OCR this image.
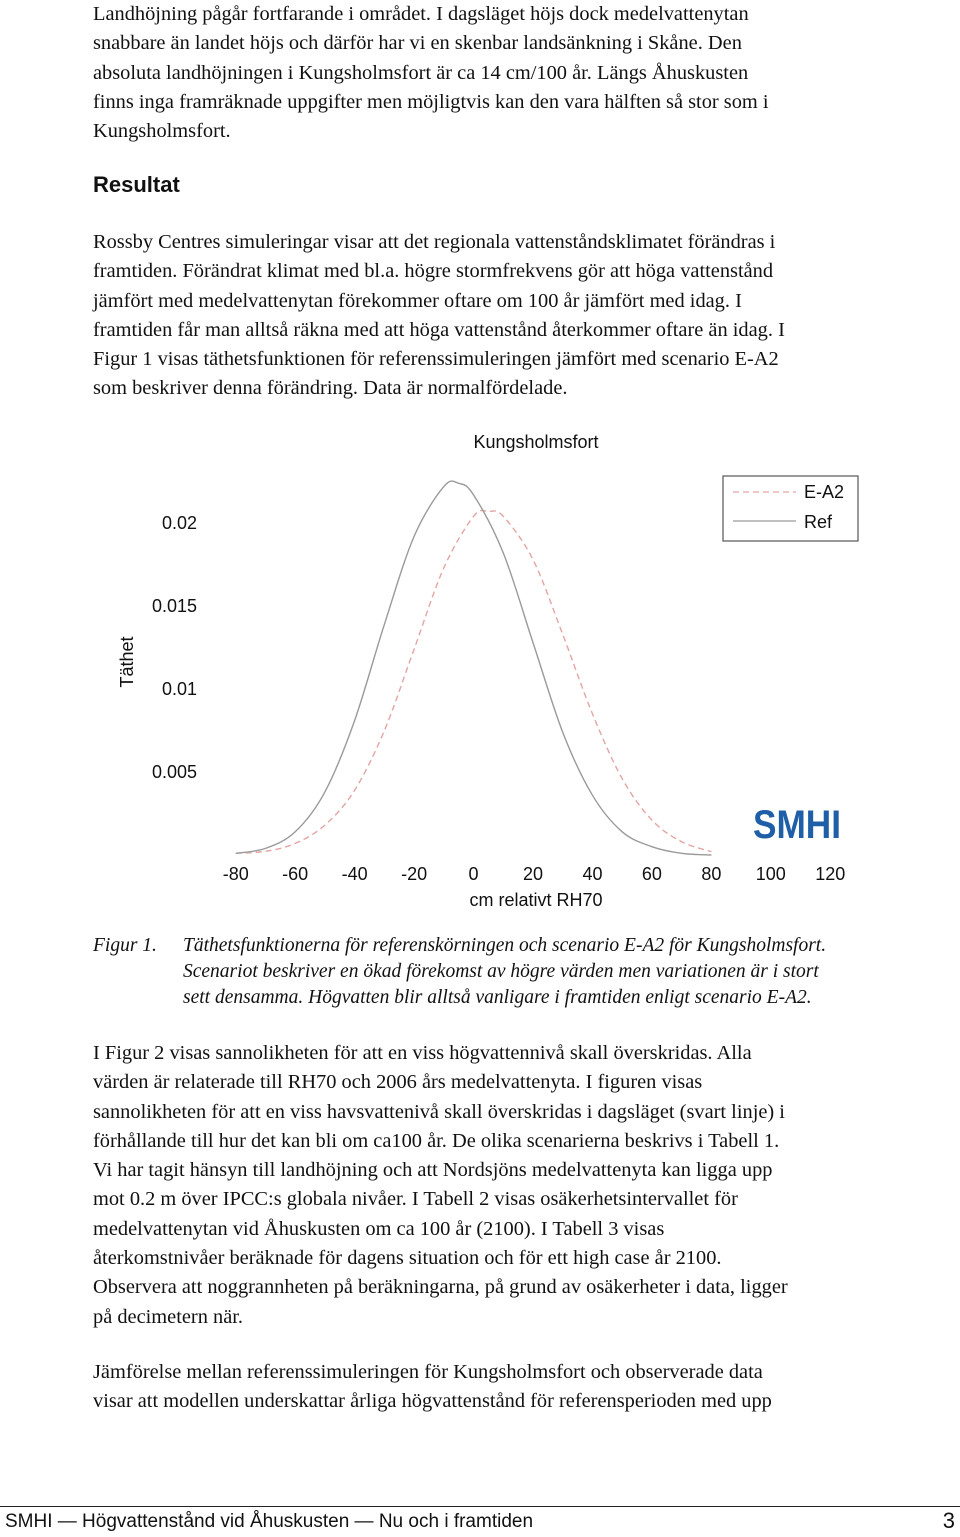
Landhöjning pågår fortfarande i området. I dagsläget höjs dock medelvattenytan
snabbare än landet höjs och därför har vi en skenbar landsänkning i Skåne. Den
absoluta landhöjningen i Kungsholmsfort är ca 14 cm/100 år. Längs Åhuskusten
finns inga framräknade uppgifter men möjligtvis kan den vara hälften så stor som i
Kungsholmsfort.
Resultat
Rossby Centres simuleringar visar att det regionala vattenståndsklimatet förändras i
framtiden. Förändrat klimat med bl.a. högre stormfrekvens gör att höga vattenstånd
jämfört med medelvattenytan förekommer oftare om 100 år jämfört med idag. I
framtiden får man alltså räkna med att höga vattenstånd återkommer oftare än idag. I
Figur 1 visas täthetsfunktionen för referenssimuleringen jämfört med scenario E-A2
som beskriver denna förändring. Data är normalfördelade.
Kungsholmsfort
0.02
0.015
0.01
0.005
-80 -60 -40 -20 0 20 40 60 80 100 120
Täthet
cm relativt RH70
E-A2
Ref
SMHI

Figur 1. Täthetsfunktionerna för referenskörningen och scenario E-A2 för Kungsholmsfort.

Scenariot beskriver en ökad förekomst av högre värden men variationen är i stort

sett densamma. Högvatten blir alltså vanligare i framtiden enligt scenario E-A2.

I Figur 2 visas sannolikheten för att en viss högvattennivå skall överskridas. Alla
värden är relaterade till RH70 och 2006 års medelvattenyta. I figuren visas
sannolikheten för att en viss havsvattenivå skall överskridas i dagsläget (svart linje) i
förhållande till hur det kan bli om ca100 år. De olika scenarierna beskrivs i Tabell 1.
Vi har tagit hänsyn till landhöjning och att Nordsjöns medelvattenyta kan ligga upp
mot 0.2 m över IPCC:s globala nivåer. I Tabell 2 visas osäkerhetsintervallet för
medelvattenytan vid Åhuskusten om ca 100 år (2100). I Tabell 3 visas
återkomstnivåer beräknade för dagens situation och för ett high case år 2100.
Observera att noggrannheten på beräkningarna, på grund av osäkerheter i data, ligger
på decimetern när.
Jämförelse mellan referenssimuleringen för Kungsholmsfort och observerade data
visar att modellen underskattar årliga högvattenstånd för referensperioden med upp
SMHI — Högvattenstånd vid Åhuskusten — Nu och i framtiden	3
